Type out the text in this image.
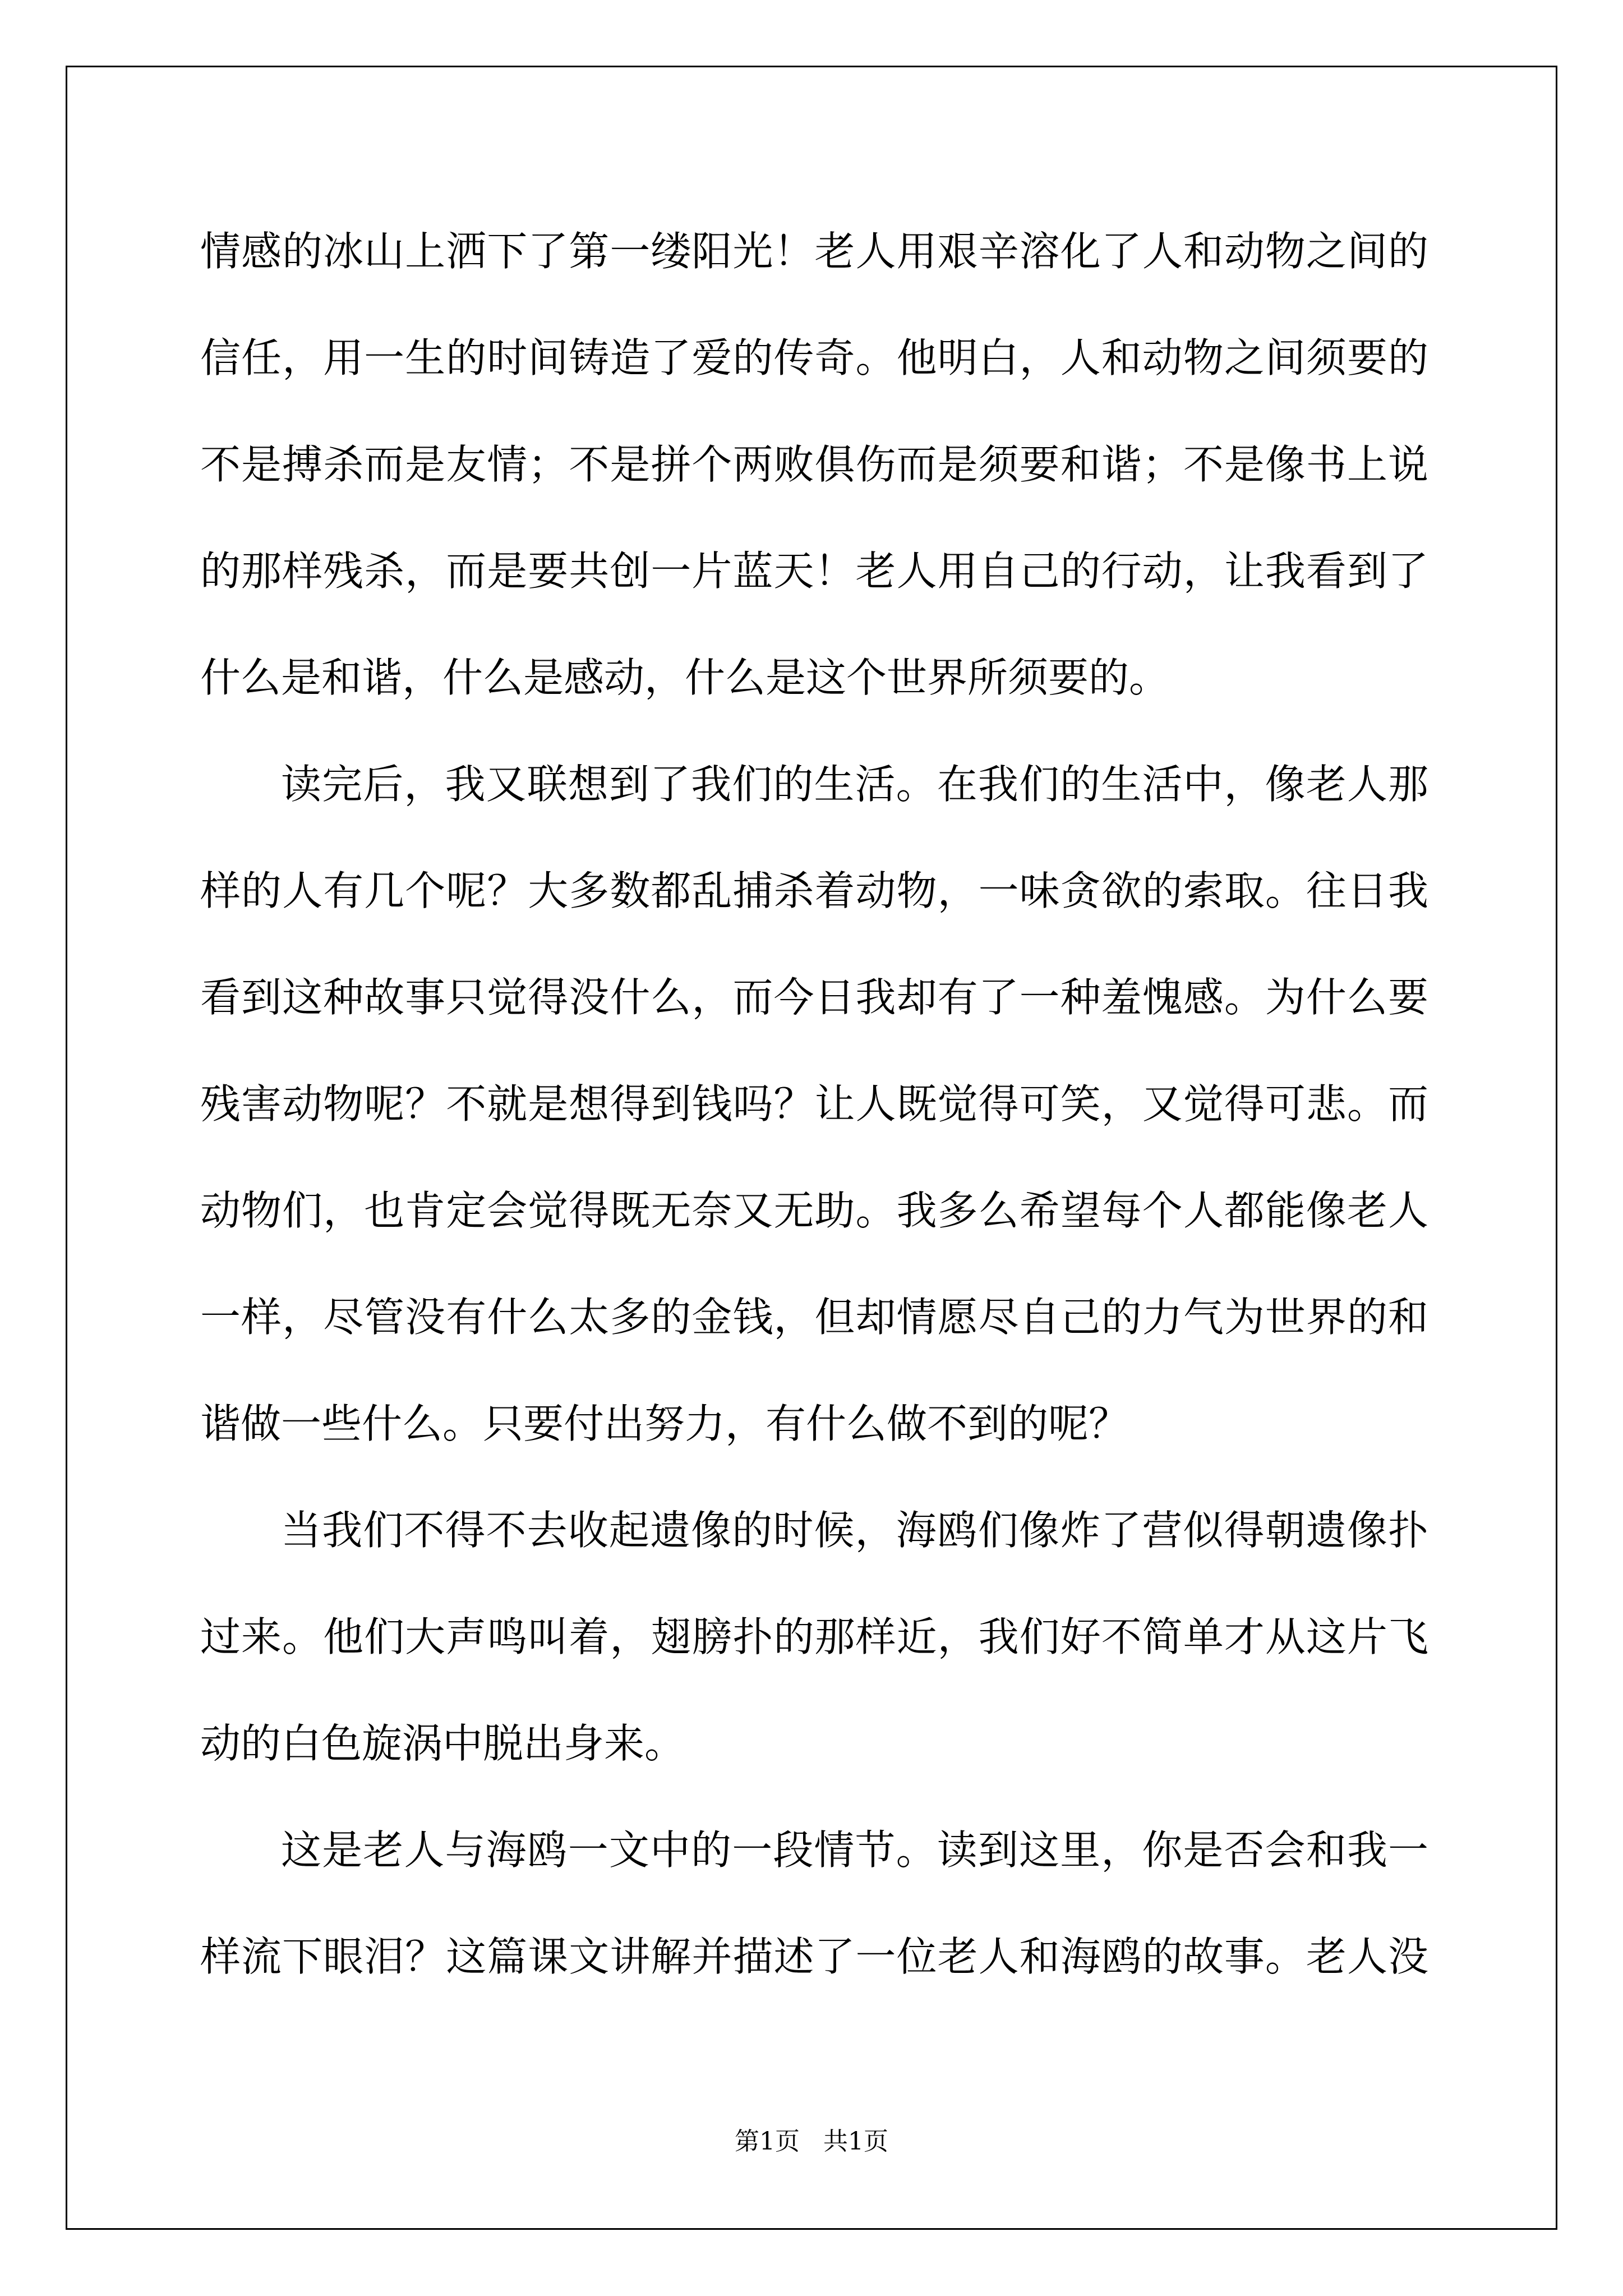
情感的冰山上洒下了第一缕阳光！老人用艰辛溶化了人和动物之间的
信任，用一生的时间铸造了爱的传奇。他明白，人和动物之间须要的
不是搏杀而是友情；不是拼个两败俱伤而是须要和谐；不是像书上说
的那样残杀，而是要共创一片蓝天！老人用自己的行动，让我看到了
什么是和谐，什么是感动，什么是这个世界所须要的。
读完后，我又联想到了我们的生活。在我们的生活中，像老人那
样的人有几个呢？大多数都乱捕杀着动物，一味贪欲的索取。往日我
看到这种故事只觉得没什么，而今日我却有了一种羞愧感。为什么要
残害动物呢？不就是想得到钱吗？让人既觉得可笑，又觉得可悲。而
动物们，也肯定会觉得既无奈又无助。我多么希望每个人都能像老人
一样，尽管没有什么太多的金钱，但却情愿尽自己的力气为世界的和
谐做一些什么。只要付出努力，有什么做不到的呢？
当我们不得不去收起遗像的时候，海鸥们像炸了营似得朝遗像扑
过来。他们大声鸣叫着，翅膀扑的那样近，我们好不简单才从这片飞
动的白色旋涡中脱出身来。
这是老人与海鸥一文中的一段情节。读到这里，你是否会和我一
样流下眼泪？这篇课文讲解并描述了一位老人和海鸥的故事。老人没
第1页   共1页
